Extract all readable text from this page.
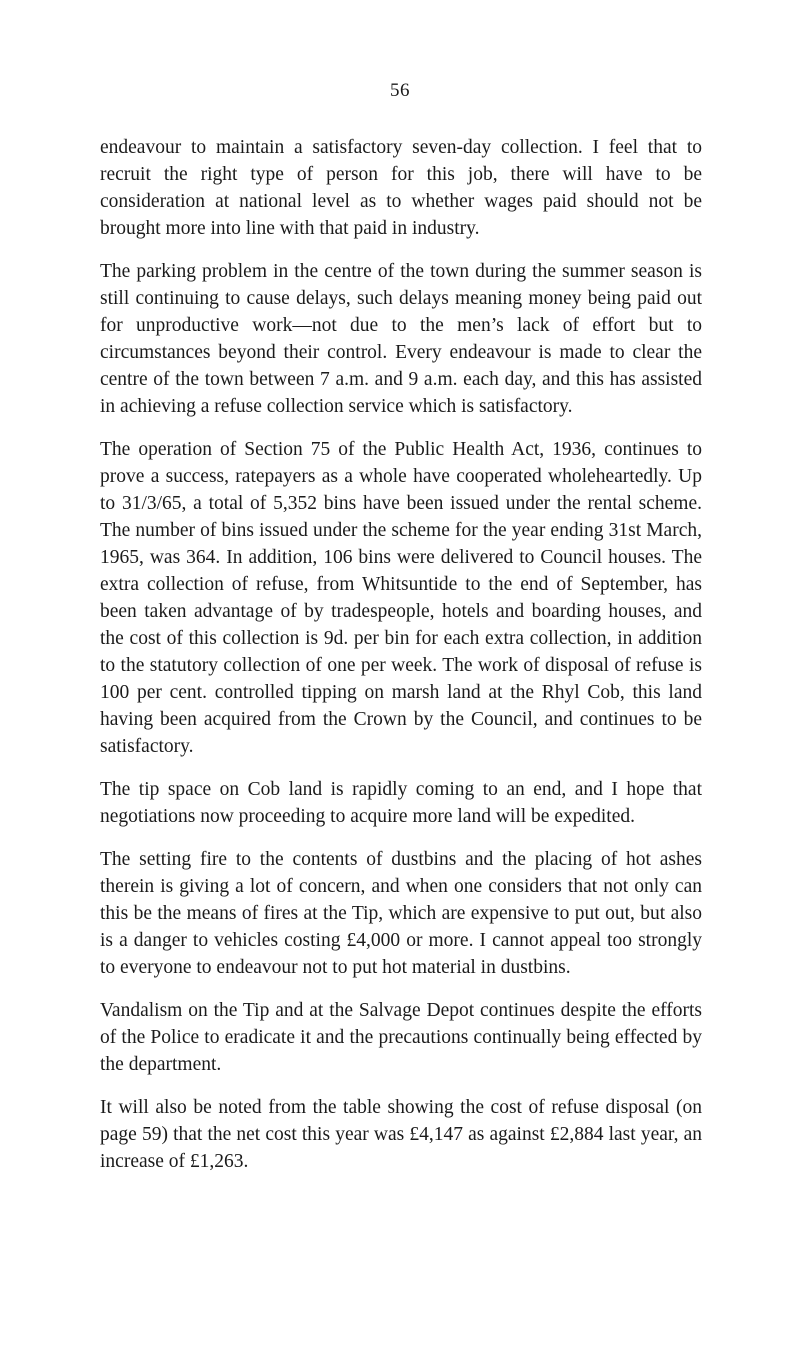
56

endeavour to maintain a satisfactory seven-day collection. I feel that to recruit the right type of person for this job, there will have to be consideration at national level as to whether wages paid should not be brought more into line with that paid in industry.

The parking problem in the centre of the town during the summer season is still continuing to cause delays, such delays meaning money being paid out for unproductive work—not due to the men’s lack of effort but to circumstances beyond their control. Every endeavour is made to clear the centre of the town between 7 a.m. and 9 a.m. each day, and this has assisted in achieving a refuse collection service which is satisfactory.

The operation of Section 75 of the Public Health Act, 1936, continues to prove a success, ratepayers as a whole have cooperated wholeheartedly. Up to 31/3/65, a total of 5,352 bins have been issued under the rental scheme. The number of bins issued under the scheme for the year ending 31st March, 1965, was 364. In addition, 106 bins were delivered to Council houses. The extra collection of refuse, from Whitsuntide to the end of September, has been taken advantage of by tradespeople, hotels and boarding houses, and the cost of this collection is 9d. per bin for each extra collection, in addition to the statutory collection of one per week. The work of disposal of refuse is 100 per cent. controlled tipping on marsh land at the Rhyl Cob, this land having been acquired from the Crown by the Council, and continues to be satisfactory.

The tip space on Cob land is rapidly coming to an end, and I hope that negotiations now proceeding to acquire more land will be expedited.

The setting fire to the contents of dustbins and the placing of hot ashes therein is giving a lot of concern, and when one considers that not only can this be the means of fires at the Tip, which are expensive to put out, but also is a danger to vehicles costing £4,000 or more. I cannot appeal too strongly to everyone to endeavour not to put hot material in dustbins.

Vandalism on the Tip and at the Salvage Depot continues despite the efforts of the Police to eradicate it and the precautions continually being effected by the department.

It will also be noted from the table showing the cost of refuse disposal (on page 59) that the net cost this year was £4,147 as against £2,884 last year, an increase of £1,263.
